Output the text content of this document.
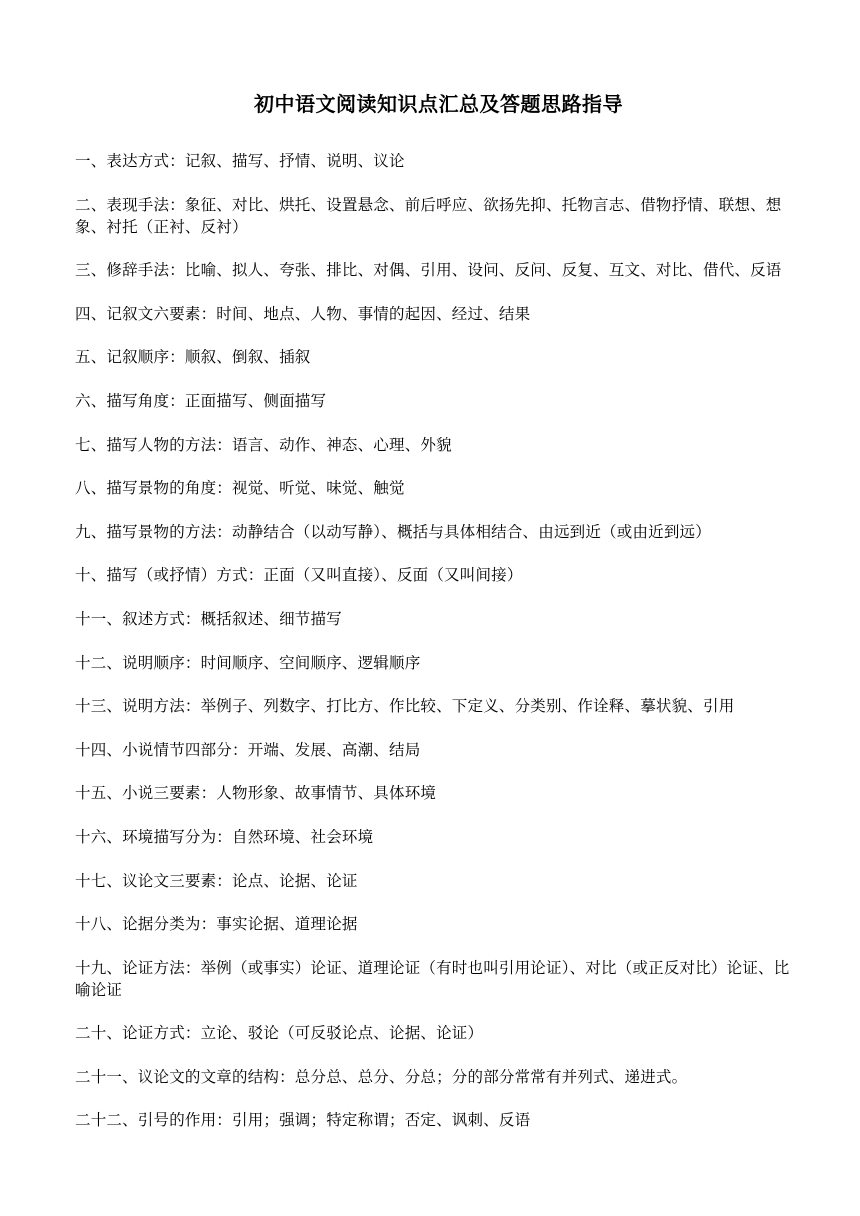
初中语文阅读知识点汇总及答题思路指导
一、表达方式：记叙、描写、抒情、说明、议论
二、表现手法：象征、对比、烘托、设置悬念、前后呼应、欲扬先抑、托物言志、借物抒情、联想、想象、衬托（正衬、反衬）
三、修辞手法：比喻、拟人、夸张、排比、对偶、引用、设问、反问、反复、互文、对比、借代、反语
四、记叙文六要素：时间、地点、人物、事情的起因、经过、结果
五、记叙顺序：顺叙、倒叙、插叙
六、描写角度：正面描写、侧面描写
七、描写人物的方法：语言、动作、神态、心理、外貌
八、描写景物的角度：视觉、听觉、味觉、触觉
九、描写景物的方法：动静结合（以动写静）、概括与具体相结合、由远到近（或由近到远）
十、描写（或抒情）方式：正面（又叫直接）、反面（又叫间接）
十一、叙述方式：概括叙述、细节描写
十二、说明顺序：时间顺序、空间顺序、逻辑顺序
十三、说明方法：举例子、列数字、打比方、作比较、下定义、分类别、作诠释、摹状貌、引用
十四、小说情节四部分：开端、发展、高潮、结局
十五、小说三要素：人物形象、故事情节、具体环境
十六、环境描写分为：自然环境、社会环境
十七、议论文三要素：论点、论据、论证
十八、论据分类为：事实论据、道理论据
十九、论证方法：举例（或事实）论证、道理论证（有时也叫引用论证）、对比（或正反对比）论证、比喻论证
二十、论证方式：立论、驳论（可反驳论点、论据、论证）
二十一、议论文的文章的结构：总分总、总分、分总；分的部分常常有并列式、递进式。
二十二、引号的作用：引用；强调；特定称谓；否定、讽刺、反语
